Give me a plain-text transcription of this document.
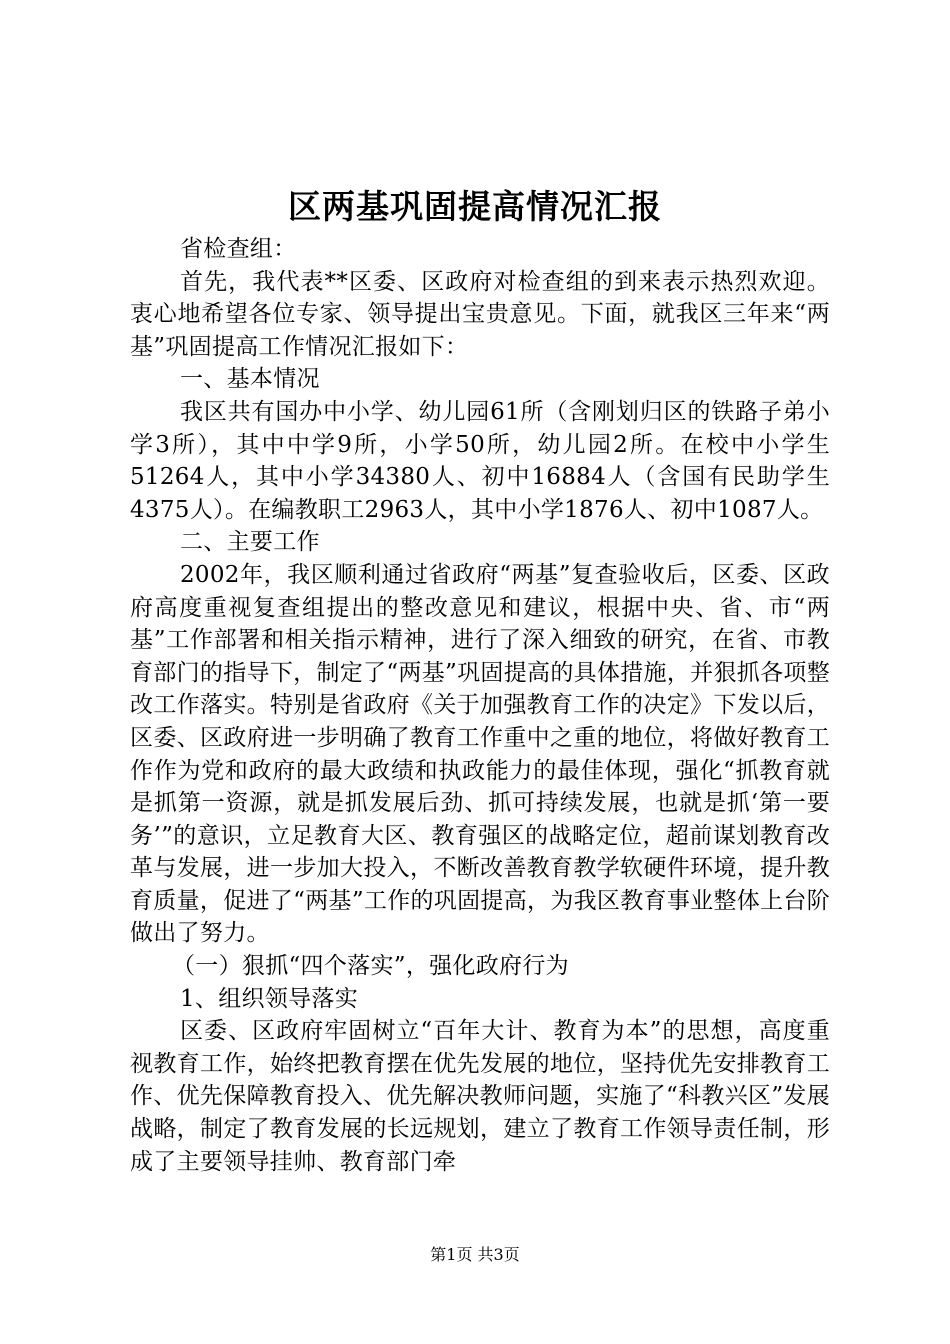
区两基巩固提高情况汇报

省检查组：

首先，我代表**区委、区政府对检查组的到来表示热烈欢迎。衷心地希望各位专家、领导提出宝贵意见。下面，就我区三年来“两基”巩固提高工作情况汇报如下：

一、基本情况

我区共有国办中小学、幼儿园61所（含刚划归区的铁路子弟小学3所），其中中学9所，小学50所，幼儿园2所。在校中小学生51264人，其中小学34380人、初中16884人（含国有民助学生4375人）。在编教职工2963人，其中小学1876人、初中1087人。

二、主要工作

2002年，我区顺利通过省政府“两基”复查验收后，区委、区政府高度重视复查组提出的整改意见和建议，根据中央、省、市“两基”工作部署和相关指示精神，进行了深入细致的研究，在省、市教育部门的指导下，制定了“两基”巩固提高的具体措施，并狠抓各项整改工作落实。特别是省政府《关于加强教育工作的决定》下发以后，区委、区政府进一步明确了教育工作重中之重的地位，将做好教育工作作为党和政府的最大政绩和执政能力的最佳体现，强化“抓教育就是抓第一资源，就是抓发展后劲、抓可持续发展，也就是抓‘第一要务’”的意识，立足教育大区、教育强区的战略定位，超前谋划教育改革与发展，进一步加大投入，不断改善教育教学软硬件环境，提升教育质量，促进了“两基”工作的巩固提高，为我区教育事业整体上台阶做出了努力。

（一）狠抓“四个落实”，强化政府行为

1、组织领导落实

区委、区政府牢固树立“百年大计、教育为本”的思想，高度重视教育工作，始终把教育摆在优先发展的地位，坚持优先安排教育工作、优先保障教育投入、优先解决教师问题，实施了“科教兴区”发展战略，制定了教育发展的长远规划，建立了教育工作领导责任制，形成了主要领导挂帅、教育部门牵

第1页 共3页
